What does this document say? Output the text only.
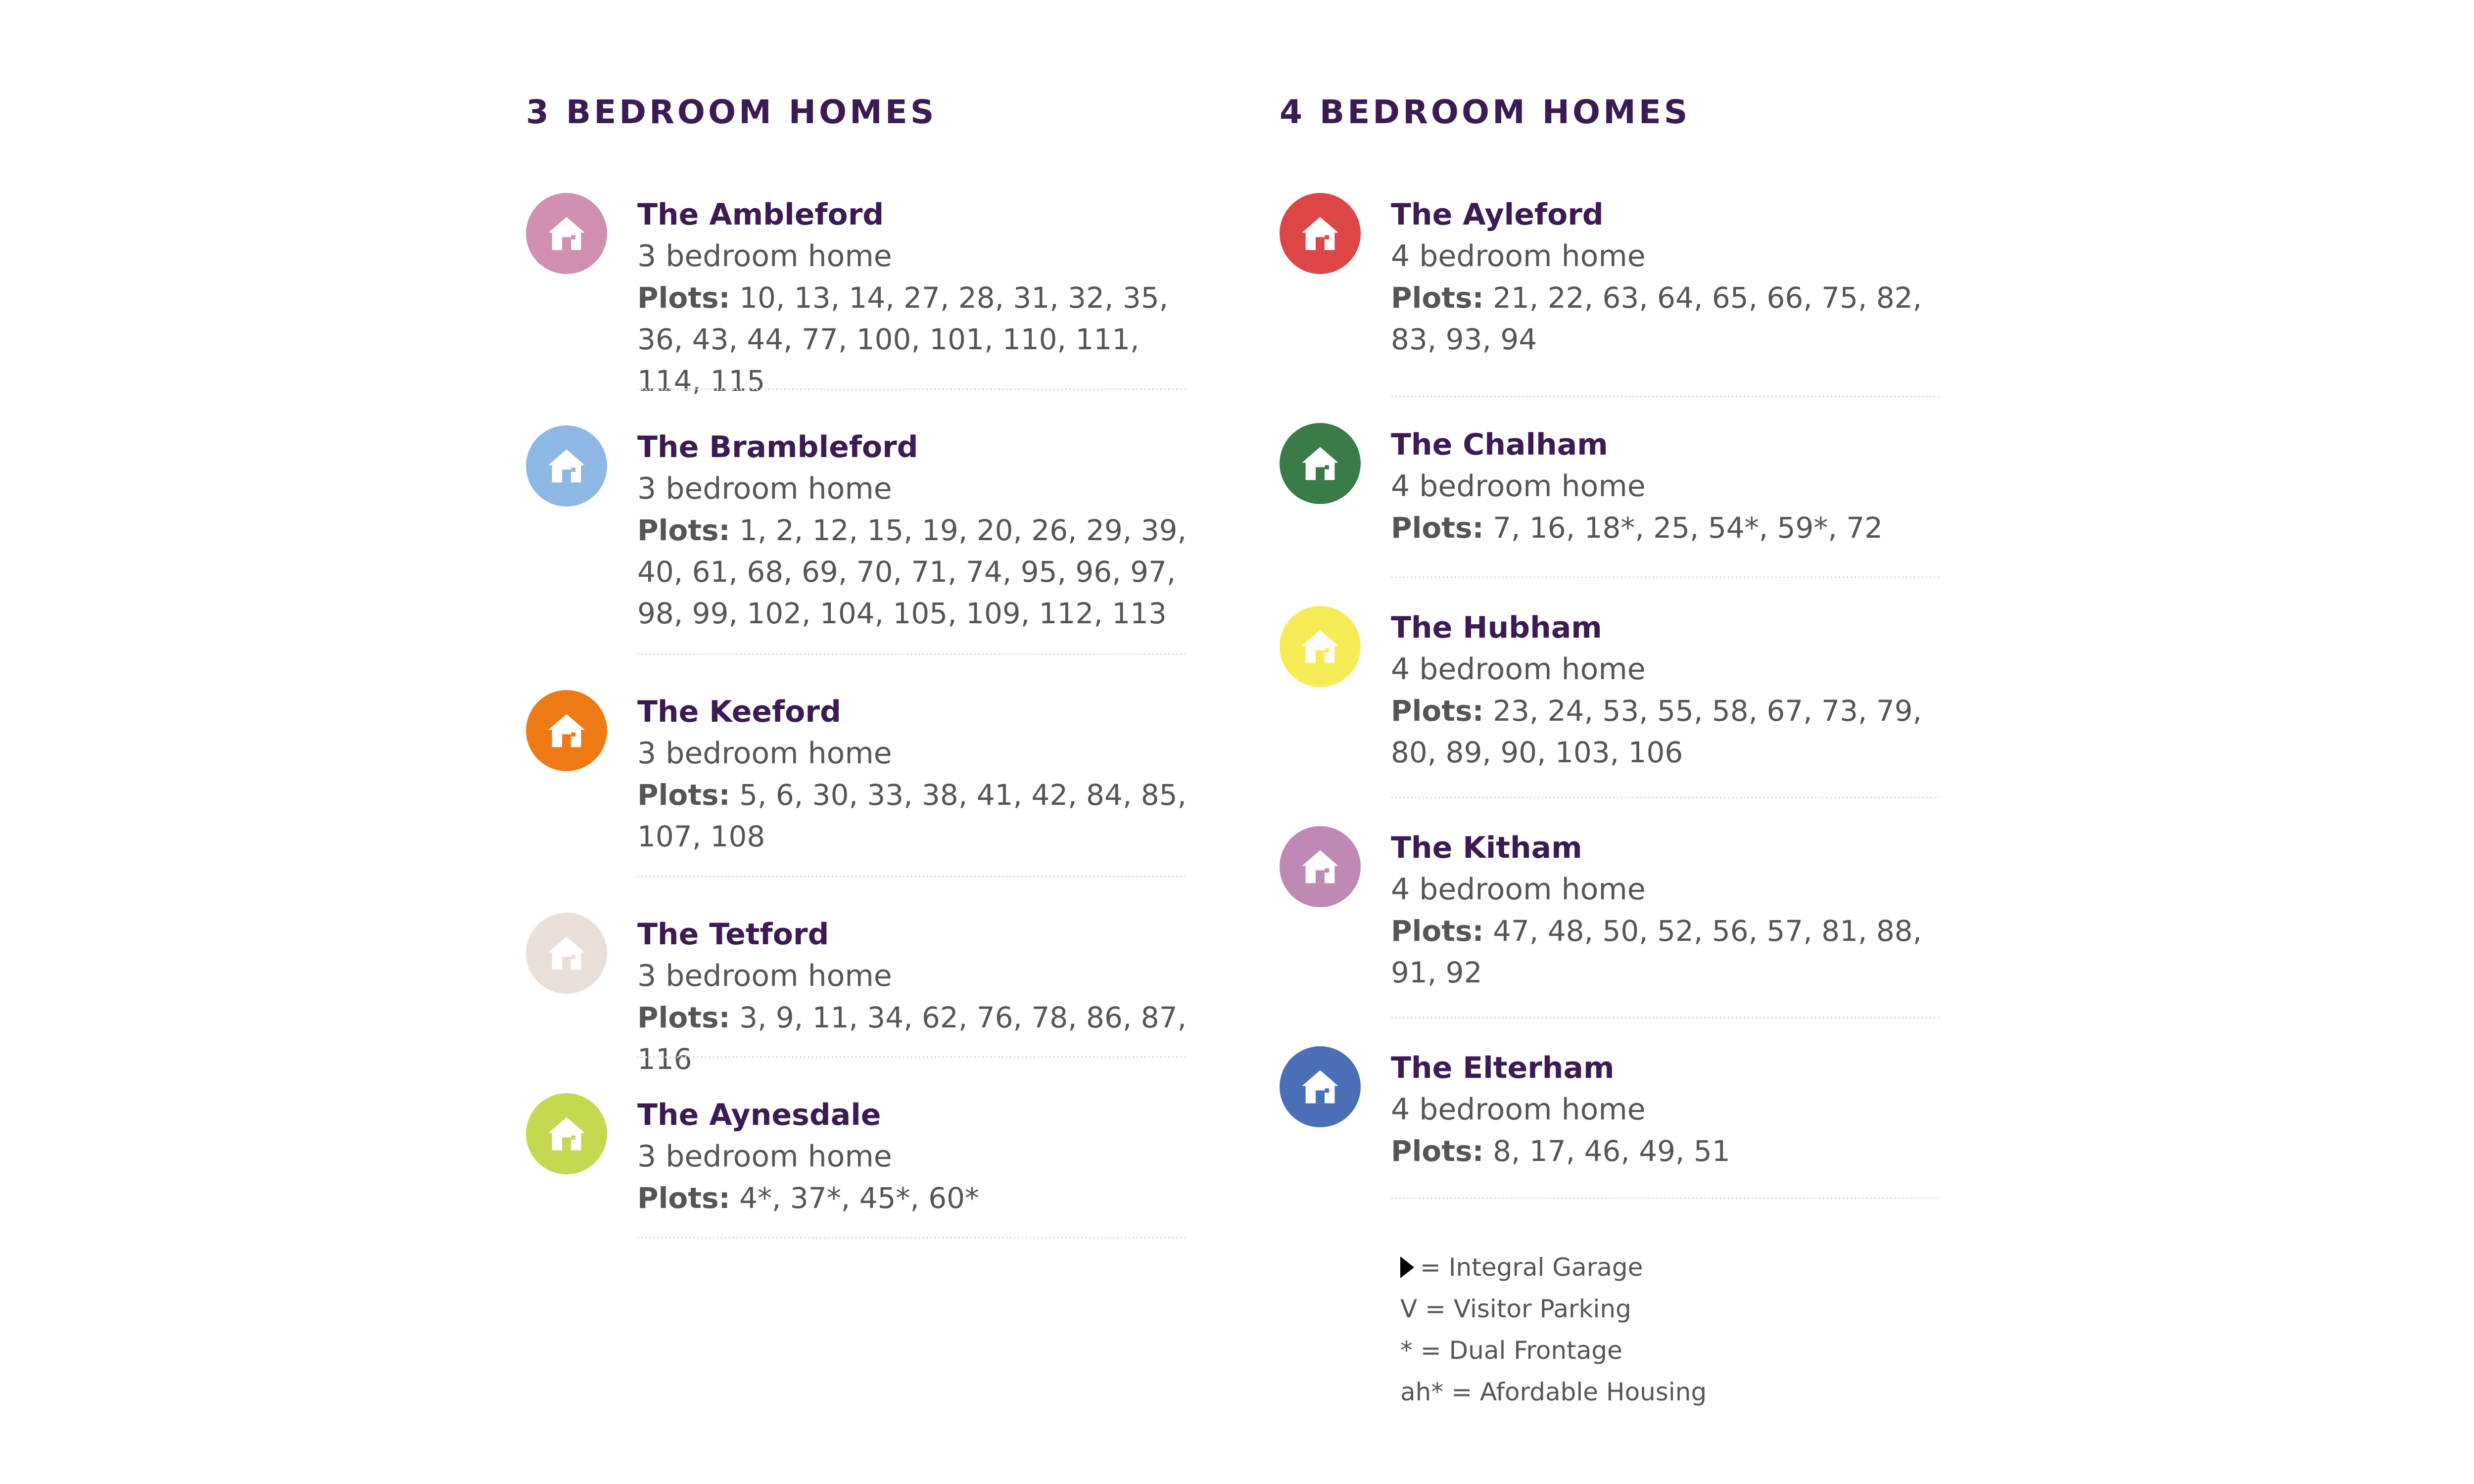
3 BEDROOM HOMES
The Ambleford
3 bedroom home
Plots: 10, 13, 14, 27, 28, 31, 32, 35, 36, 43, 44, 77, 100, 101, 110, 111, 114, 115
The Brambleford
3 bedroom home
Plots: 1, 2, 12, 15, 19, 20, 26, 29, 39, 40, 61, 68, 69, 70, 71, 74, 95, 96, 97, 98, 99, 102, 104, 105, 109, 112, 113
The Keeford
3 bedroom home
Plots: 5, 6, 30, 33, 38, 41, 42, 84, 85, 107, 108
The Tetford
3 bedroom home
Plots: 3, 9, 11, 34, 62, 76, 78, 86, 87, 116
The Aynesdale
3 bedroom home
Plots: 4*, 37*, 45*, 60*
4 BEDROOM HOMES
The Ayleford
4 bedroom home
Plots: 21, 22, 63, 64, 65, 66, 75, 82, 83, 93, 94
The Chalham
4 bedroom home
Plots: 7, 16, 18*, 25, 54*, 59*, 72
The Hubham
4 bedroom home
Plots: 23, 24, 53, 55, 58, 67, 73, 79, 80, 89, 90, 103, 106
The Kitham
4 bedroom home
Plots: 47, 48, 50, 52, 56, 57, 81, 88, 91, 92
The Elterham
4 bedroom home
Plots: 8, 17, 46, 49, 51
= Integral Garage
V = Visitor Parking
* = Dual Frontage
ah* = Afordable Housing
